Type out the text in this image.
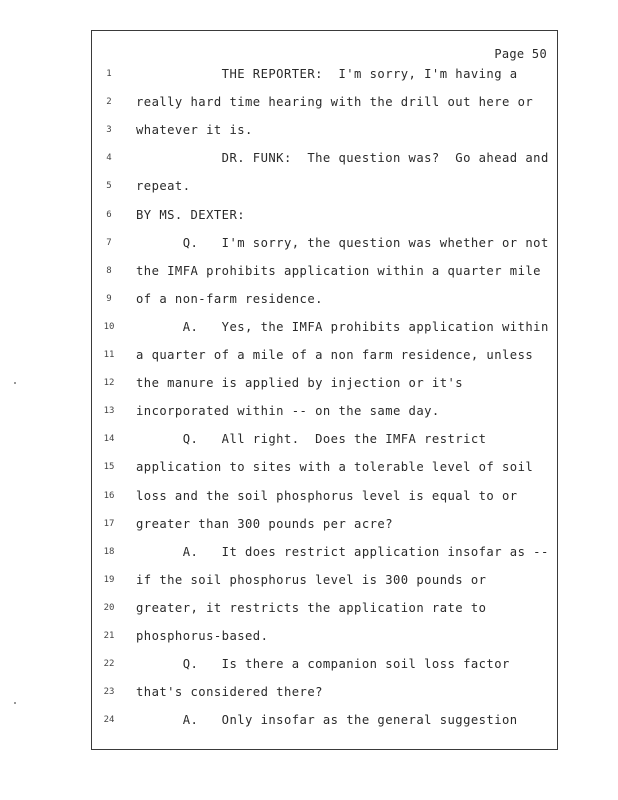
Page 50
1	THE REPORTER:  I'm sorry, I'm having a
2	really hard time hearing with the drill out here or
3	whatever it is.
4	DR. FUNK:  The question was?  Go ahead and
5	repeat.
6	BY MS. DEXTER:
7	Q.   I'm sorry, the question was whether or not
8	the IMFA prohibits application within a quarter mile
9	of a non-farm residence.
10 A.   Yes, the IMFA prohibits application within
11 a quarter of a mile of a non farm residence, unless
12 the manure is applied by injection or it's
13 incorporated within -- on the same day.
14 Q.   All right.  Does the IMFA restrict
15 application to sites with a tolerable level of soil
16 loss and the soil phosphorus level is equal to or
17 greater than 300 pounds per acre?
18 A.   It does restrict application insofar as --
19 if the soil phosphorus level is 300 pounds or
20 greater, it restricts the application rate to
21 phosphorus-based.
22 Q.   Is there a companion soil loss factor
23 that's considered there?
24 A.   Only insofar as the general suggestion
